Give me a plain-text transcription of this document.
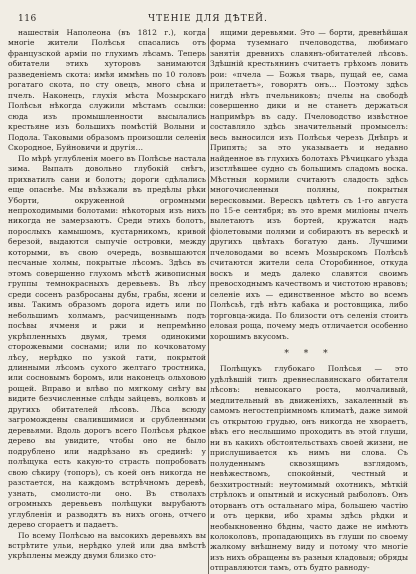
116	ЧТЕНІЕ ДЛЯ ДѢТЕЙ.

нашествія Наполеона (въ 1812 г.), когда многіе жители Полѣсья спасались отъ французской арміи по глухимъ лѣсамъ. Теперь обитатели этихъ хуторовъ занимаются разведеніемъ скота: имѣя иммѣнь по 10 головъ рогатаго скота, по сту овецъ, много сѣна и пчелъ. Наконецъ, глухія мѣста Мозырскаго Полѣсья нѣкогда служили мѣстамъ ссылки: сюда изъ промышленности высылались крестьяне изъ большихъ помѣстій Волыни и Подола. Таковыми образомъ произошли селенія Скородное, Буйновичи и другія…

По мѣрѣ углубленія моего въ Полѣсье настала зима. Выпалъ довольно глубокій снѣгъ, прихватилъ сани и болотъ; дороги сдѣлались еще опаснѣе. Мы въѣзжали въ предѣлы рѣки Уборти, окруженной огромными непроходимыми болотами: нѣкоторыя изъ нихъ никогда не замерзаютъ. Среди этихъ болотъ, порослыхъ камышомъ, кустарникомъ, кривой березой, выдаются сыпучіе островки, между которыми, въ свою очередь, возвышаются песчаные холмы, покрытые лѣсомъ. Здѣсь въ этомъ совершенно глухомъ мѣстѣ живописныя группы темнокрасныхъ деревьевъ. Въ лѣсу среди сосенъ разбросаны дубы, грабы, ясени и ивы. Такимъ образомъ дорога идетъ или по небольшимъ холмамъ, расчищеннымъ подъ посѣвы ячменя и ржи и непремѣнно укрѣпленныхъ двумя, тремя одинокими сторожевыми соснами; или по кочковатому лѣсу, нерѣдко по узкой гати, покрытой длинными лѣсомъ сухого желтаго тростника, или сосновымъ боромъ, или наконецъ ольховою рощей. Вправо и влѣво по мягкому снѣгу вы видите безчисленные слѣды зайцевъ, волковъ и другихъ обитателей лѣсовъ. Лѣса всюду загромождены свалившимися и срубленными деревьями. Вдоль дорогъ всего Полѣсья рѣдкое дерево вы увидите, чтобы оно не было подрублено или надрѣзано въ срединѣ: у полѣщука есть какую-то страсть попробовать свою сѣкиру (топоръ), съ коей онъ никогда не разстается, на каждомъ встрѣчномъ деревѣ, узнать, смолисто-ли оно. Въ стволахъ огромныхъ деревьевъ полѣщуки вырубаютъ углубленія и разводятъ въ нихъ огонь, отчего дерево сгораетъ и падаетъ.

По всему Полѣсью на высокихъ деревьяхъ вы встрѣтите ульи, нерѣдко улей или два вмѣстѣ укрѣплены между двумя близко сто-

ящими деревьями. Это — борти, древнѣйшая форма туземнаго пчеловодства, любимаго занятія древнихъ славянъ-обитателей лѣсовъ. Здѣшній крестьянинъ считаетъ грѣхомъ ловить рои: «пчела — Божья тварь, пущай ее, сама прилетаетъ», говорятъ онъ… Поэтому здѣсь нигдѣ нѣтъ пчельниковъ; пчелы на свободѣ совершенно дики и не станетъ держаться напримѣръ въ саду. Пчеловодство извѣстное составляло здѣсь значительный промыселъ: весь выносился изъ Полѣсья черезъ Днѣпръ и Припять; за это указываетъ и недавно найденное въ глухихъ болотахъ Рѣчицкаго уѣзда изстлѣвшее судно съ большимъ сладомъ воска. Мѣстныя кормили считаютъ сладость здѣсь многочисленныя поляны, покрытыя вересковыми. Верескъ цвѣтетъ съ 1-го августа по 15-е сентября; въ это время миліоны пчелъ вылетаютъ изъ бортей, кружатся надъ фіолетовыми полями и собираютъ въ верескѣ и другихъ цвѣтахъ богатую дань. Лучшими пчеловодами во всемъ Мозырскомъ Полѣсьѣ считаются жители села Сторобинное, откуда воскъ и медъ далеко славятся своимъ превосходнымъ качествомъ и чистотою нравовъ; селеніе ихъ — единственное мѣсто во всемъ Полѣсьѣ, гдѣ нѣтъ кабака и ростовщика, либо торговца-жида. По близости отъ селенія стоитъ еловая роща, почему медъ отличается особенно хорошимъ вкусомъ.

* * *

Полѣщукъ глубокаго Полѣсья — это удѣлѣвшій типъ древнеславянскаго обитателя лѣсовъ: невысокаго роста, молчаливый, медлительный въ движеніяхъ, закаленный въ самомъ негостепріимномъ климатѣ, даже зимой съ открытою грудью, онъ никогда не хвораетъ, вѣкъ его неслышимо проходитъ въ этой глуши, ни въ какихъ обстоятельствахъ своей жизни, не прислушивается къ нимъ ни слова. Съ полуденнымъ сквозящимъ взглядомъ, невѣжествомъ, спокойный, честный и безхитростный: неутомимый охотникъ, мѣткій стрѣлокъ и опытный и искусный рыболовъ. Онъ оторванъ отъ остальнаго міра, большею частію и отъ церкви, ибо храмы здѣсь рѣдки и необыкновенно бѣдны, часто даже не имѣютъ колоколовъ, пропадающихъ въ глуши по своему жалкому внѣшнему виду и потому что многіе изъ нихъ обращены въ разныя кладовыя; обряды отправляются тамъ, отъ будто равноду-
